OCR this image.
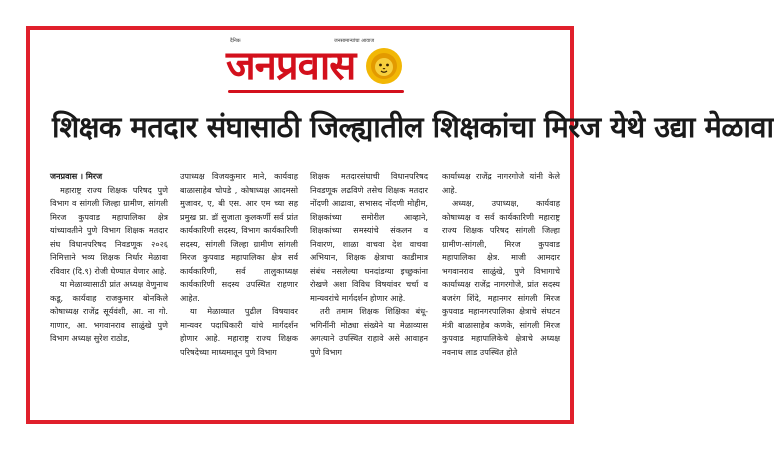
दैनिक	जनसामान्यांचा आवाज
जनप्रवास
शिक्षक मतदार संघासाठी जिल्ह्यातील शिक्षकांचा मिरज येथे उद्या मेळावा

जनप्रवास । मिरज

महाराष्ट्र राज्य शिक्षक परिषद पुणे विभाग व सांगली जिल्हा ग्रामीण, सांगली मिरज कुपवाड महापालिका क्षेत्र यांच्यावतीने पुणे विभाग शिक्षक मतदार संघ विधानपरिषद निवडणूक २०२६ निमित्ताने भव्य शिक्षक निर्धार मेळावा रविवार (दि.९) रोजी घेण्यात येणार आहे.

या मेळाव्यासाठी प्रांत अध्यक्ष वेणुनाथ कडू, कार्यवाह राजकुमार बोनकिले कोषाध्यक्ष राजेंद्र सूर्यवंशी, आ. ना गो. गाणार, आ. भगवानराव साळुंखे पुणे विभाग अध्यक्ष सुरेश राठोड,

उपाध्यक्ष विजयकुमार माने, कार्यवाह बाळासाहेब चोपडे , कोषाध्यक्ष आदमसो मुजावर, ए, बी एस. आर एम च्या सह प्रमुख प्रा. डॉ सुजाता कुलकर्णी सर्व प्रांत कार्यकारिणी सदस्य, विभाग कार्यकारिणी सदस्य, सांगली जिल्हा ग्रामीण सांगली मिरज कुपवाड महापालिका क्षेत्र सर्व कार्यकारिणी, सर्व तालुकाध्यक्ष कार्यकारिणी सदस्य उपस्थित राहणार आहेत.

या मेळाव्यात पुढील विषयावर मान्यवर पदाधिकारी यांचे मार्गदर्शन होणार आहे. महाराष्ट्र राज्य शिक्षक परिषदेच्या माध्यमातून पुणे विभाग

शिक्षक मतदारसंघाची विधानपरिषद निवडणूक लढविणे तसेच शिक्षक मतदार नोंदणी आढावा, सभासद नोंदणी मोहीम, शिक्षकांच्या समोरील आव्हाने, शिक्षकांच्या समस्यांचे संकलन व निवारण, शाळा वाचवा देश वाचवा अभियान, शिक्षक क्षेत्राचा काडीमात्र संबंध नसलेल्या घनदांडग्या इच्छुकांना रोखणे अशा विविध विषयांवर चर्चा व मान्यवरांचे मार्गदर्शन होणार आहे.

तरी तमाम शिक्षक शिक्षिका बंधू-भगिनींनी मोठ्या संख्येने या मेळाव्यास अगत्याने उपस्थित राहावे असे आवाहन पुणे विभाग

कार्याध्यक्ष राजेंद्र नागरगोजे यांनी केले आहे.

अध्यक्ष, उपाध्यक्ष, कार्यवाह कोषाध्यक्ष व सर्व कार्यकारिणी महाराष्ट्र राज्य शिक्षक परिषद सांगली जिल्हा ग्रामीण-सांगली, मिरज कुपवाड महापालिका क्षेत्र. माजी आमदार भगवानराव साळुंखे, पुणे विभागाचे कार्याध्यक्ष राजेंद्र नागरगोजे, प्रांत सदस्य बजरंग शिंदे, महानगर सांगली मिरज कुपवाड महानगरपालिका क्षेत्राचे संघटन मंत्री बाळासाहेब कणके, सांगली मिरज कुपवाड महापालिकेचे क्षेत्राचे अध्यक्ष नवनाथ लाड उपस्थित होते
